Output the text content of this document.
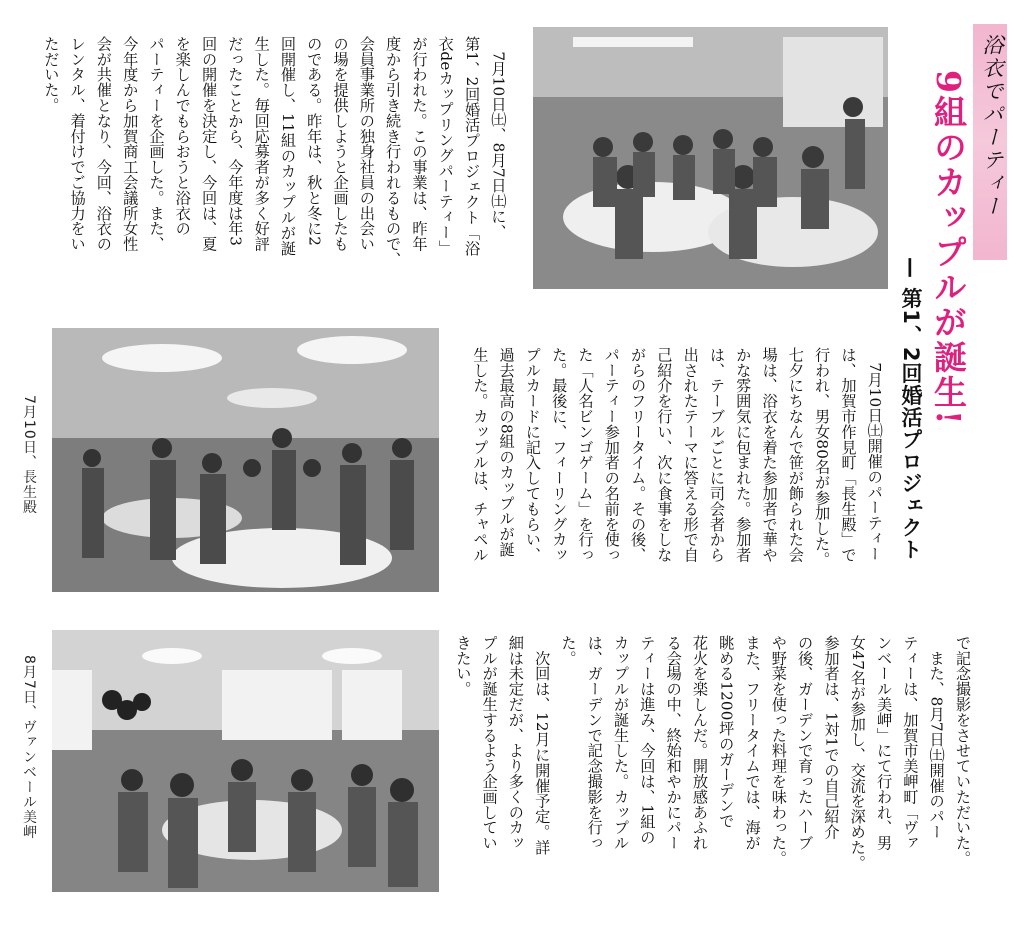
浴衣でパーティー
9組のカップルが誕生!
— 第1、2回婚活プロジェクト
7月10日、長生殿
8月7日、ヴァンベール美岬
　7月10日㈯、8月7日㈯に、
第1、2回婚活プロジェクト「浴
衣deカップリングパーティー」
が行われた。この事業は、昨年
度から引き続き行われるもので、
会員事業所の独身社員の出会い
の場を提供しようと企画したも
のである。昨年は、秋と冬に2
回開催し、11組のカップルが誕
生した。毎回応募者が多く好評
だったことから、今年度は年3
回の開催を決定し、今回は、夏
を楽しんでもらおうと浴衣の
パーティーを企画した。また、
今年度から加賀商工会議所女性
会が共催となり、今回、浴衣の
レンタル、着付けでご協力をい
ただいた。
　7月10日㈯開催のパーティー
は、加賀市作見町「長生殿」で
行われ、男女80名が参加した。
七夕にちなんで笹が飾られた会
場は、浴衣を着た参加者で華や
かな雰囲気に包まれた。参加者
は、テーブルごとに司会者から
出されたテーマに答える形で自
己紹介を行い、次に食事をしな
がらのフリータイム。その後、
パーティー参加者の名前を使っ
た「人名ビンゴゲーム」を行っ
た。最後に、フィーリングカッ
プルカードに記入してもらい、
過去最高の8組のカップルが誕
生した。カップルは、チャペル
で記念撮影をさせていただいた。
　また、8月7日㈯開催のパー
ティーは、加賀市美岬町「ヴァ
ンベール美岬」にて行われ、男
女47名が参加し、交流を深めた。
参加者は、1対1での自己紹介
の後、ガーデンで育ったハーブ
や野菜を使った料理を味わった。
また、フリータイムでは、海が
眺める1200坪のガーデンで
花火を楽しんだ。開放感あふれ
る会場の中、終始和やかにパー
ティーは進み、今回は、1組の
カップルが誕生した。カップル
は、ガーデンで記念撮影を行っ
た。
　次回は、12月に開催予定。詳
細は未定だが、より多くのカッ
プルが誕生するよう企画してい
きたい。
